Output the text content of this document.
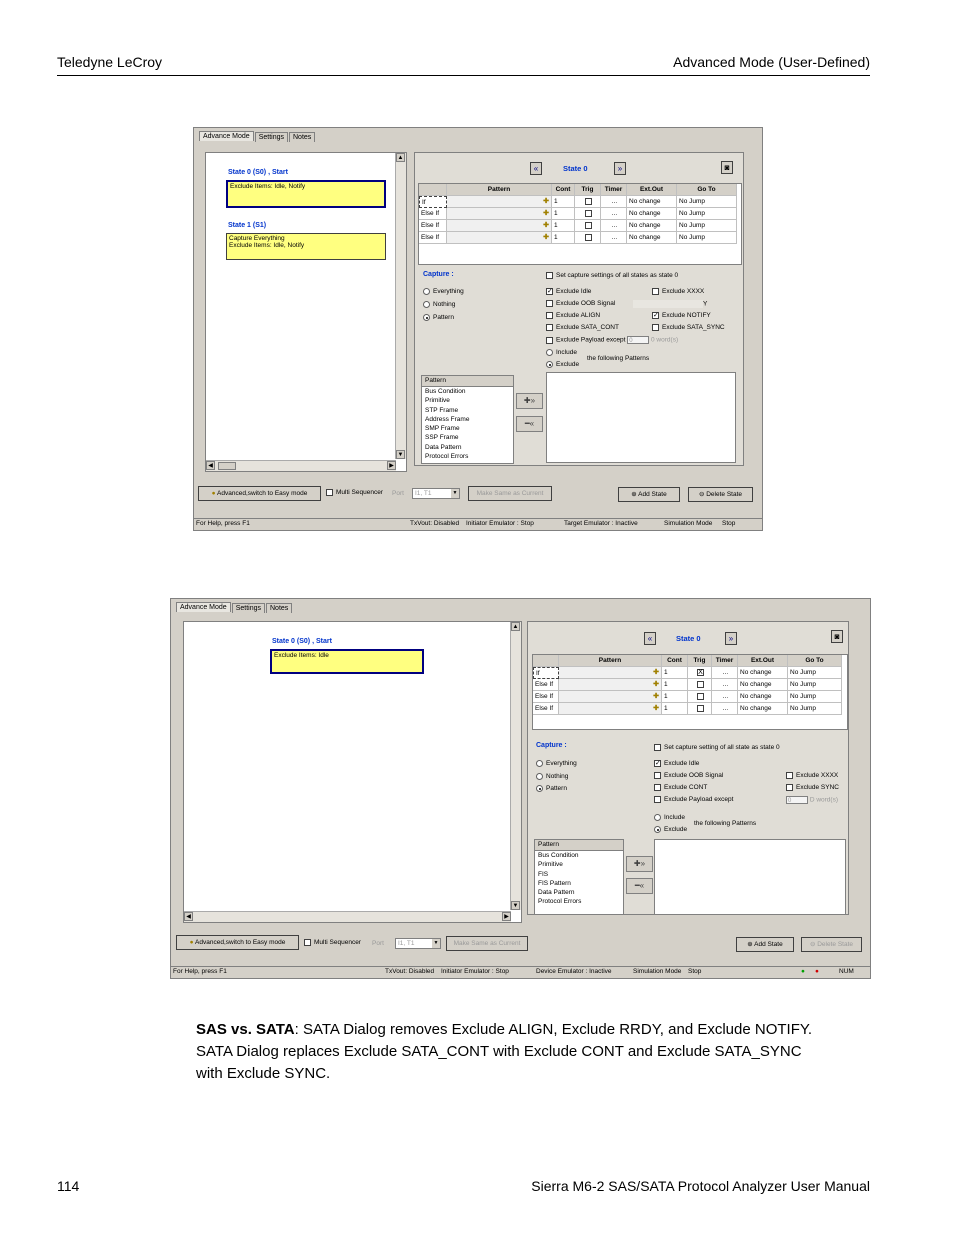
Teledyne LeCroy	Advanced Mode (User-Defined)
Advance Mode	Settings	Notes
State 0 (S0) , Start
Exclude Items: Idle, Notify
State 1 (S1)
Capture Everything
Exclude Items: Idle, Notify
▲
▼
◀	▶
«	State 0	»	◙
Pattern	Cont	Trig	Timer	Ext.Out	Go To
If	✚ 1	...	No change	No Jump
Else If	✚ 1	...	No change	No Jump
Else If	✚ 1	...	No change	No Jump
Else If	✚ 1	...	No change	No Jump
Capture :
Everything
Nothing
Pattern
Set capture settings of all states as state 0
✓ Exclude Idle
Exclude OOB Signal
Exclude ALIGN
Exclude SATA_CONT
Exclude Payload except 0	0 word(s)
Exclude XXXX
Y
✓ Exclude NOTIFY
Exclude SATA_SYNC
Include
Exclude
the following Patterns
Pattern
Bus Condition
Primitive
STP Frame
Address Frame
SMP Frame
SSP Frame
Data Pattern
Protocol Errors
✚»
━«
● Advanced,switch to Easy mode	Multi Sequencer Port	I1, T1 ▼	Make Same as Current	⊕ Add State	⊖ Delete State
For Help, press F1	TxVout: Disabled Initiator Emulator : Stop	Target Emulator : Inactive	Simulation Mode Stop
Advance Mode	Settings	Notes
State 0 (S0) , Start
Exclude Items: Idle
▲
▼
◀	▶
«	State 0	»	◙
Pattern	Cont	Trig	Timer	Ext.Out	Go To
If	✚ 1	X	...	No change	No Jump
Else If	✚ 1	...	No change	No Jump
Else If	✚ 1	...	No change	No Jump
Else If	✚ 1	...	No change	No Jump
Capture :
Everything
Nothing
Pattern
Set capture setting of all state as state 0
✓ Exclude Idle
Exclude OOB Signal
Exclude CONT
Exclude Payload except
Exclude XXXX
Exclude SYNC
0	D word(s)
Include
Exclude
the following Patterns
Pattern
Bus Condition
Primitive
FIS
FIS Pattern
Data Pattern
Protocol Errors
✚»
━«
● Advanced,switch to Easy mode	Multi Sequencer Port	I1, T1 ▼	Make Same as Current	⊕ Add State	⊖ Delete State
For Help, press F1	TxVout: Disabled Initiator Emulator : Stop	Device Emulator : Inactive	Simulation Mode Stop	● ●	NUM
SAS vs. SATA: SATA Dialog removes Exclude ALIGN, Exclude RRDY, and Exclude NOTIFY.
SATA Dialog replaces Exclude SATA_CONT with Exclude CONT and Exclude SATA_SYNC
with Exclude SYNC.
114	Sierra M6-2 SAS/SATA Protocol Analyzer User Manual
